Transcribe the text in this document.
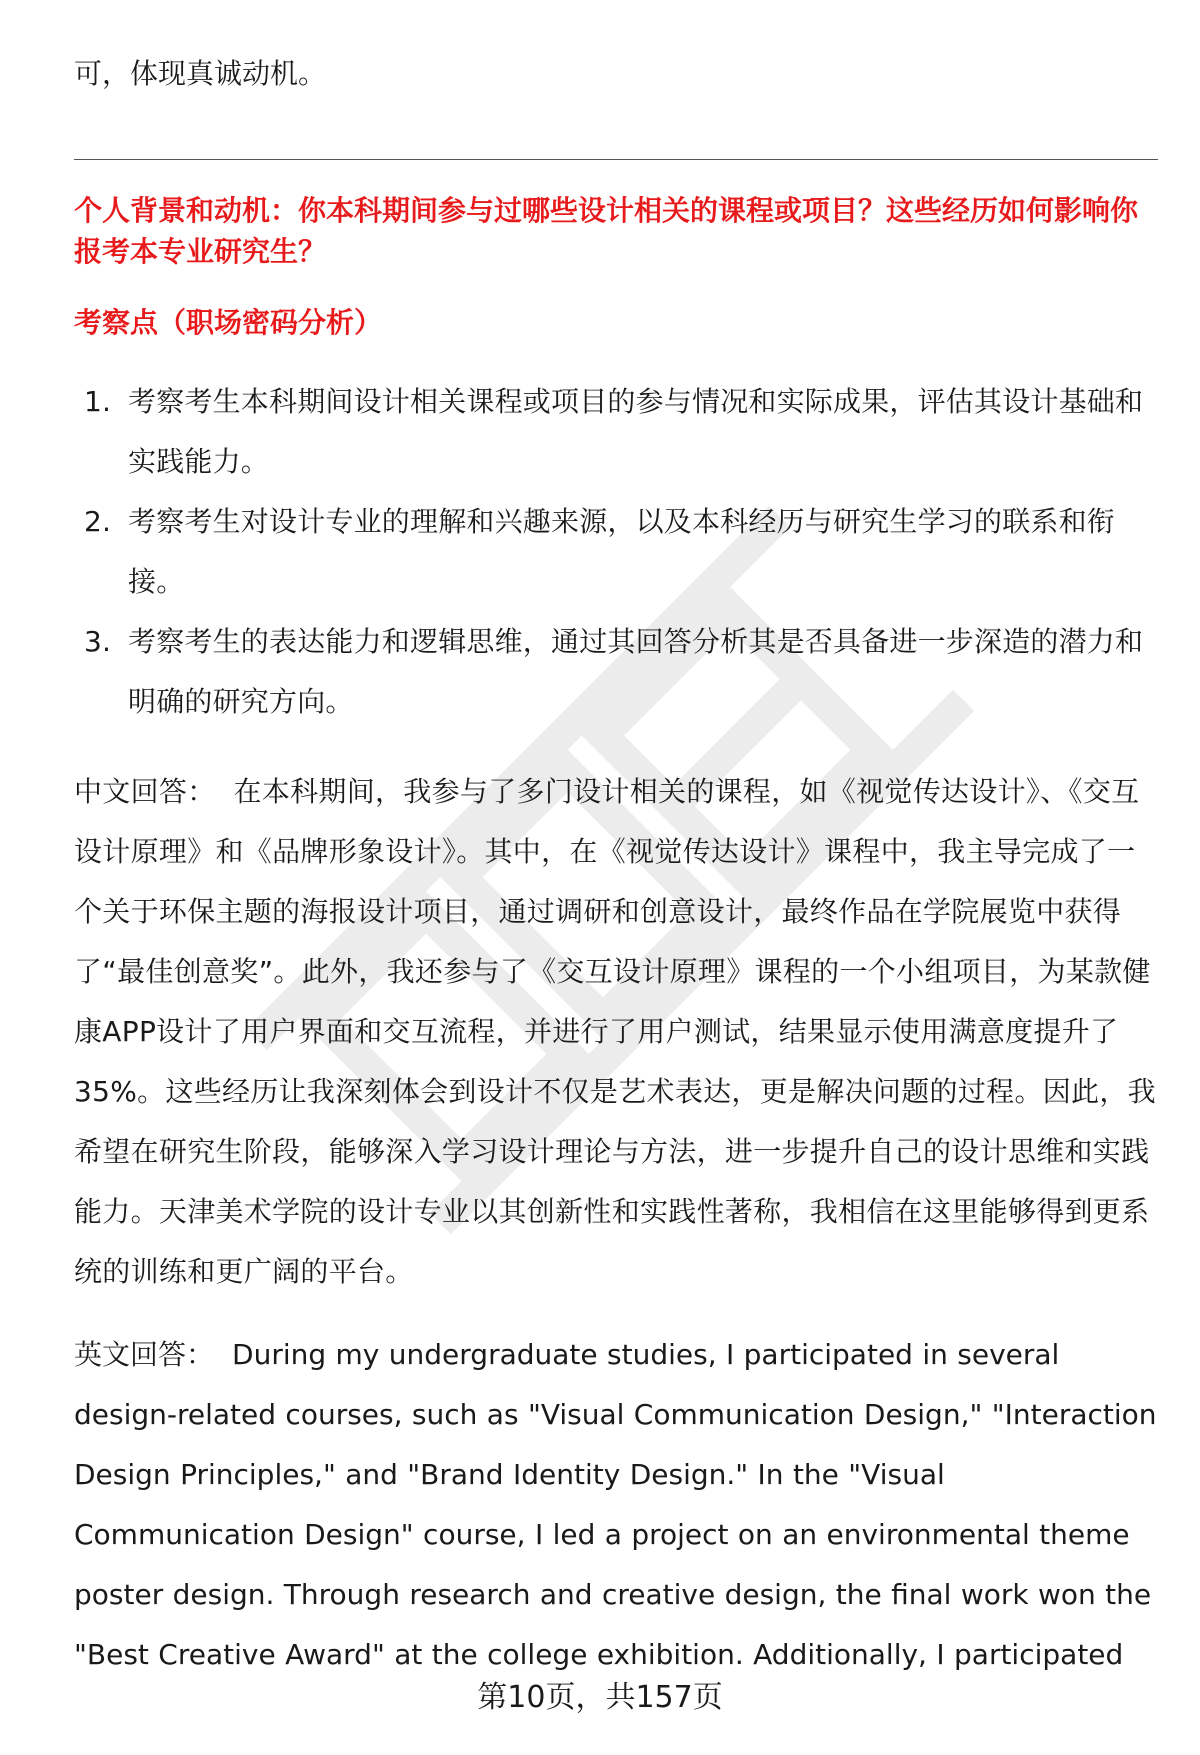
可，体现真诚动机。
个人背景和动机：你本科期间参与过哪些设计相关的课程或项目？这些经历如何影响你报考本专业研究生？
考察点（职场密码分析）
1. 考察考生本科期间设计相关课程或项目的参与情况和实际成果，评估其设计基础和实践能力。
2. 考察考生对设计专业的理解和兴趣来源，以及本科经历与研究生学习的联系和衔接。
3. 考察考生的表达能力和逻辑思维，通过其回答分析其是否具备进一步深造的潜力和明确的研究方向。
中文回答： 在本科期间，我参与了多门设计相关的课程，如《视觉传达设计》、《交互设计原理》和《品牌形象设计》。其中，在《视觉传达设计》课程中，我主导完成了一个关于环保主题的海报设计项目，通过调研和创意设计，最终作品在学院展览中获得了“最佳创意奖”。此外，我还参与了《交互设计原理》课程的一个小组项目，为某款健康APP设计了用户界面和交互流程，并进行了用户测试，结果显示使用满意度提升了35%。这些经历让我深刻体会到设计不仅是艺术表达，更是解决问题的过程。因此，我希望在研究生阶段，能够深入学习设计理论与方法，进一步提升自己的设计思维和实践能力。天津美术学院的设计专业以其创新性和实践性著称，我相信在这里能够得到更系统的训练和更广阔的平台。
英文回答： During my undergraduate studies, I participated in several design-related courses, such as "Visual Communication Design," "Interaction Design Principles," and "Brand Identity Design." In the "Visual Communication Design" course, I led a project on an environmental theme poster design. Through research and creative design, the final work won the "Best Creative Award" at the college exhibition. Additionally, I participated
第10页，共157页
